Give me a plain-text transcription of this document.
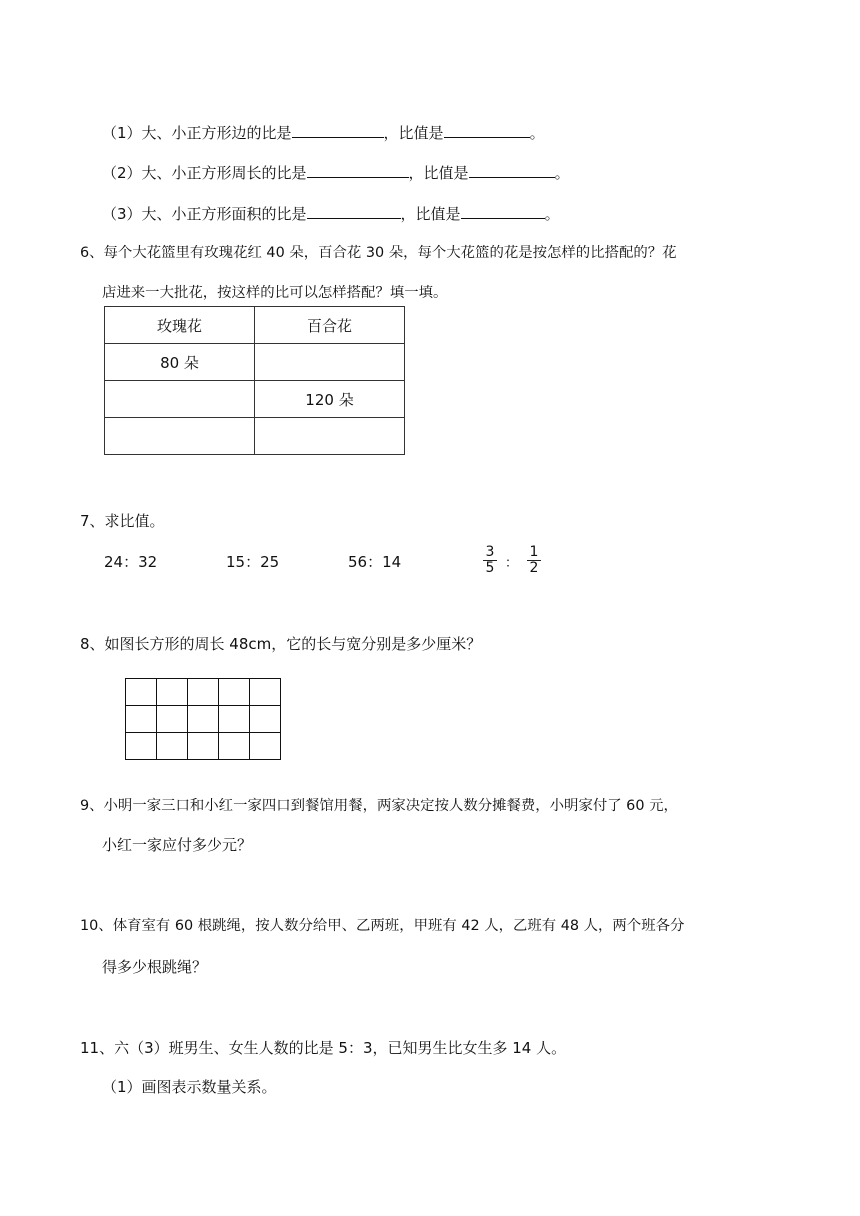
（1）大、小正方形边的比是	，比值是	。
（2）大、小正方形周长的比是	，比值是	。
（3）大、小正方形面积的比是	，比值是	。
6、每个大花篮里有玫瑰花红 40 朵，百合花 30 朵，每个大花篮的花是按怎样的比搭配的？花
店进来一大批花，按这样的比可以怎样搭配？填一填。
玫瑰花	百合花
80 朵	
	120 朵

7、求比值。
24：32	15：25	56：14	$\frac{3}{5}$ ： $\frac{1}{2}$
8、如图长方形的周长 48cm，它的长与宽分别是多少厘米？

9、小明一家三口和小红一家四口到餐馆用餐，两家决定按人数分摊餐费，小明家付了 60 元，
小红一家应付多少元？
10、体育室有 60 根跳绳，按人数分给甲、乙两班，甲班有 42 人，乙班有 48 人，两个班各分
得多少根跳绳？
11、六（3）班男生、女生人数的比是 5：3，已知男生比女生多 14 人。
（1）画图表示数量关系。
